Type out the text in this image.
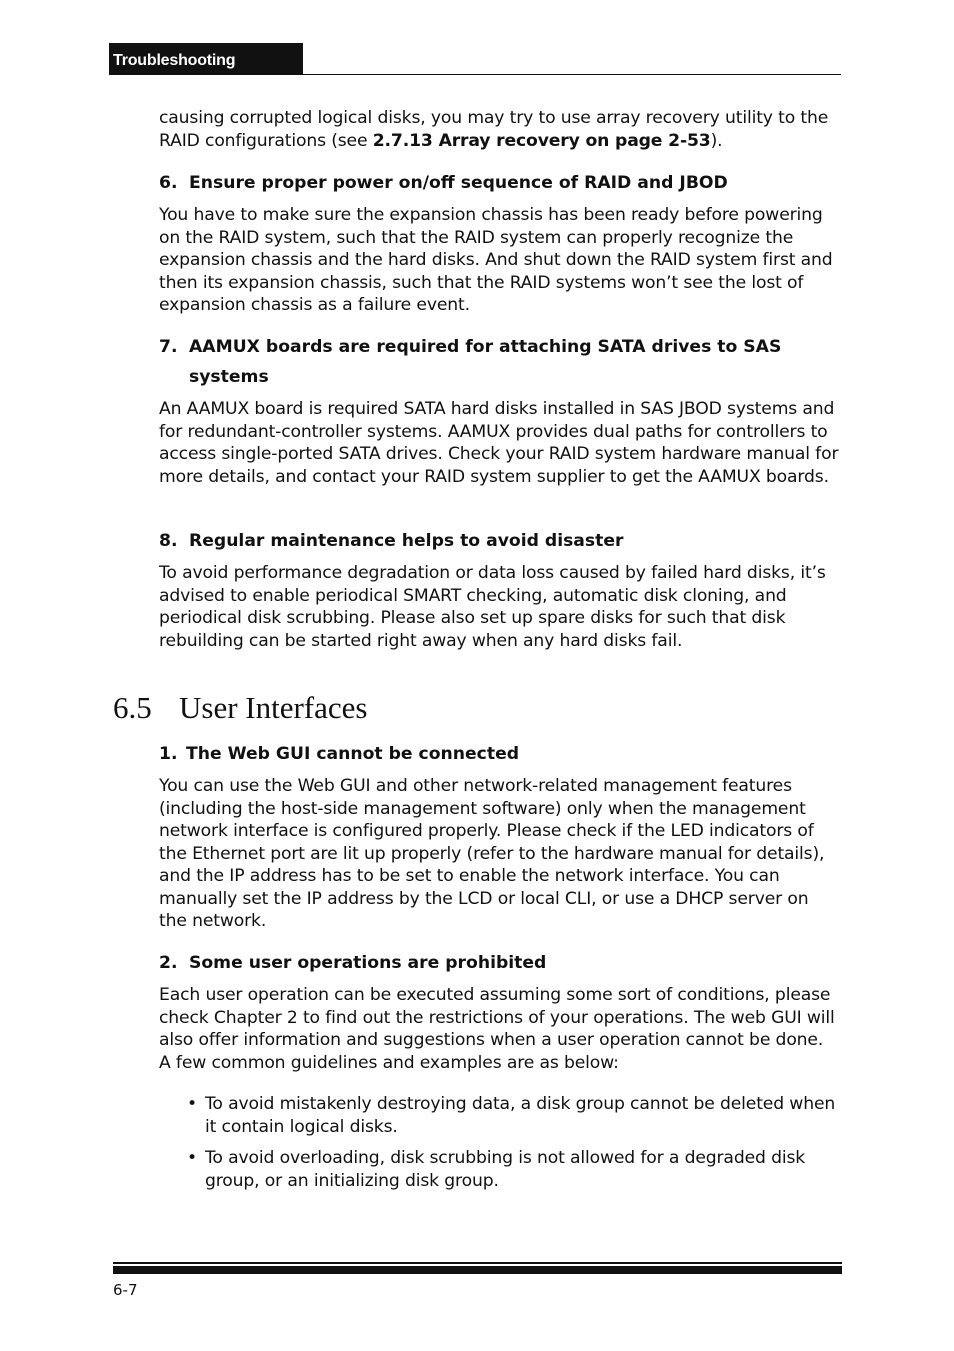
Troubleshooting

causing corrupted logical disks, you may try to use array recovery utility to the RAID configurations (see 2.7.13 Array recovery on page 2-53).

6. Ensure proper power on/off sequence of RAID and JBOD

You have to make sure the expansion chassis has been ready before powering on the RAID system, such that the RAID system can properly recognize the expansion chassis and the hard disks. And shut down the RAID system first and then its expansion chassis, such that the RAID systems won’t see the lost of expansion chassis as a failure event.

7. AAMUX boards are required for attaching SATA drives to SAS systems

An AAMUX board is required SATA hard disks installed in SAS JBOD systems and for redundant-controller systems. AAMUX provides dual paths for controllers to access single-ported SATA drives. Check your RAID system hardware manual for more details, and contact your RAID system supplier to get the AAMUX boards.

8. Regular maintenance helps to avoid disaster

To avoid performance degradation or data loss caused by failed hard disks, it’s advised to enable periodical SMART checking, automatic disk cloning, and periodical disk scrubbing. Please also set up spare disks for such that disk rebuilding can be started right away when any hard disks fail.

1. The Web GUI cannot be connected

You can use the Web GUI and other network-related management features (including the host-side management software) only when the management network interface is configured properly. Please check if the LED indicators of the Ethernet port are lit up properly (refer to the hardware manual for details), and the IP address has to be set to enable the network interface. You can manually set the IP address by the LCD or local CLI, or use a DHCP server on the network.

2. Some user operations are prohibited

Each user operation can be executed assuming some sort of conditions, please check Chapter 2 to find out the restrictions of your operations. The web GUI will also offer information and suggestions when a user operation cannot be done. A few common guidelines and examples are as below:

• To avoid mistakenly destroying data, a disk group cannot be deleted when it contain logical disks.
• To avoid overloading, disk scrubbing is not allowed for a degraded disk group, or an initializing disk group.
6.5 User Interfaces
6-7
